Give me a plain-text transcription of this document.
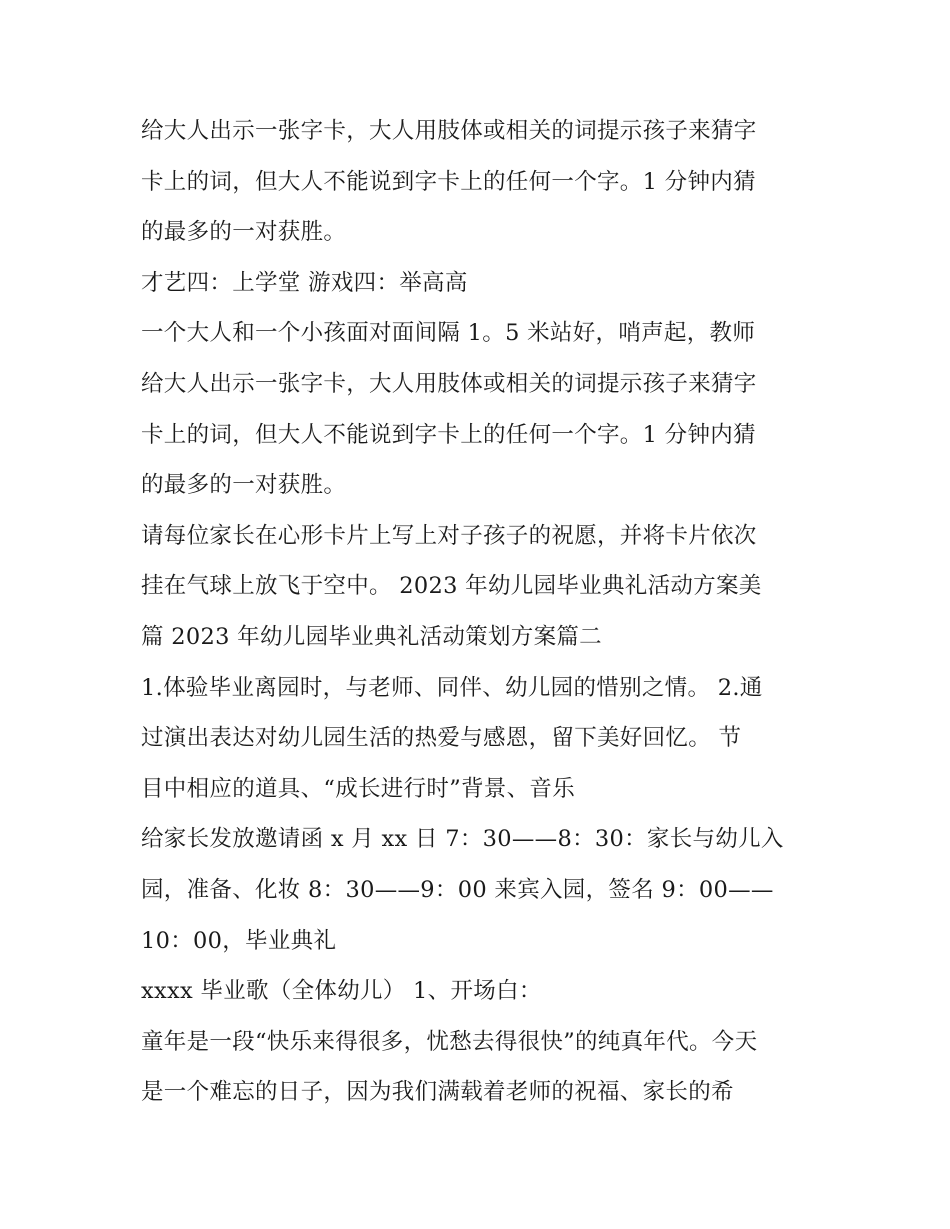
给大人出示一张字卡，大人用肢体或相关的词提示孩子来猜字
卡上的词，但大人不能说到字卡上的任何一个字。1 分钟内猜
的最多的一对获胜。
才艺四：上学堂 游戏四：举高高
一个大人和一个小孩面对面间隔 1。5 米站好，哨声起，教师
给大人出示一张字卡，大人用肢体或相关的词提示孩子来猜字
卡上的词，但大人不能说到字卡上的任何一个字。1 分钟内猜
的最多的一对获胜。
请每位家长在心形卡片上写上对子孩子的祝愿，并将卡片依次
挂在气球上放飞于空中。 2023 年幼儿园毕业典礼活动方案美
篇 2023 年幼儿园毕业典礼活动策划方案篇二
1.体验毕业离园时，与老师、同伴、幼儿园的惜别之情。 2.通
过演出表达对幼儿园生活的热爱与感恩，留下美好回忆。 节
目中相应的道具、“成长进行时”背景、音乐
给家长发放邀请函 x 月 xx 日 7：30——8：30：家长与幼儿入
园，准备、化妆 8：30——9：00 来宾入园，签名 9：00——
10：00，毕业典礼
xxxx 毕业歌（全体幼儿） 1、开场白：
童年是一段“快乐来得很多，忧愁去得很快”的纯真年代。今天
是一个难忘的日子，因为我们满载着老师的祝福、家长的希
